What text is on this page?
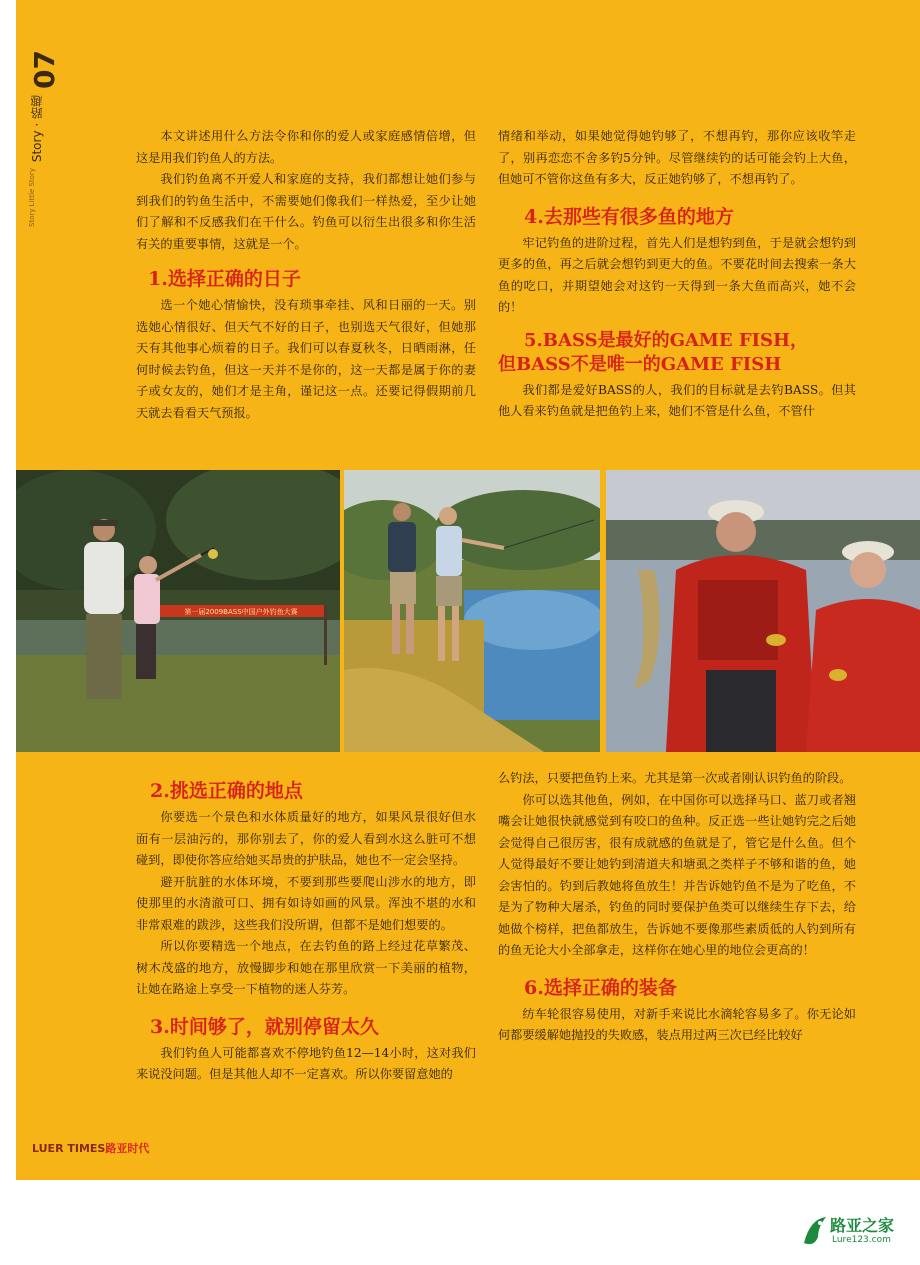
07
Story · 路趣
Story Little Story

本文讲述用什么方法令你和你的爱人或家庭感情倍增，但这是用我们钓鱼人的方法。

我们钓鱼离不开爱人和家庭的支持，我们都想让她们参与到我们的钓鱼生活中，不需要她们像我们一样热爱，至少让她们了解和不反感我们在干什么。钓鱼可以衍生出很多和你生活有关的重要事情，这就是一个。

1.选择正确的日子

选一个她心情愉快，没有琐事牵挂、风和日丽的一天。别选她心情很好、但天气不好的日子，也别选天气很好，但她那天有其他事心烦着的日子。我们可以春夏秋冬，日晒雨淋，任何时候去钓鱼，但这一天并不是你的，这一天都是属于你的妻子或女友的，她们才是主角，谨记这一点。还要记得假期前几天就去看看天气预报。

情绪和举动，如果她觉得她钓够了，不想再钓，那你应该收竿走了，别再恋恋不舍多钓5分钟。尽管继续钓的话可能会钓上大鱼，但她可不管你这鱼有多大，反正她钓够了，不想再钓了。

4.去那些有很多鱼的地方

牢记钓鱼的进阶过程，首先人们是想钓到鱼，于是就会想钓到更多的鱼，再之后就会想钓到更大的鱼。不要花时间去搜索一条大鱼的吃口，并期望她会对这钓一天得到一条大鱼而高兴，她不会的！

5.BASS是最好的GAME FISH，
但BASS不是唯一的GAME FISH

我们都是爱好BASS的人，我们的目标就是去钓BASS。但其他人看来钓鱼就是把鱼钓上来，她们不管是什么鱼，不管什

第一届2009BASS中国户外钓鱼大赛
2.挑选正确的地点

你要选一个景色和水体质量好的地方，如果风景很好但水面有一层油污的，那你别去了，你的爱人看到水这么脏可不想碰到，即使你答应给她买昂贵的护肤品，她也不一定会坚持。

避开肮脏的水体环境，不要到那些要爬山涉水的地方，即使那里的水清澈可口、拥有如诗如画的风景。浑浊不堪的水和非常艰难的跋涉，这些我们没所谓，但都不是她们想要的。

所以你要精选一个地点，在去钓鱼的路上经过花草繁茂、树木茂盛的地方，放慢脚步和她在那里欣赏一下美丽的植物，让她在路途上享受一下植物的迷人芬芳。

3.时间够了，就别停留太久

我们钓鱼人可能都喜欢不停地钓鱼12—14小时，这对我们来说没问题。但是其他人却不一定喜欢。所以你要留意她的

么钓法，只要把鱼钓上来。尤其是第一次或者刚认识钓鱼的阶段。

你可以选其他鱼，例如，在中国你可以选择马口、蓝刀或者翘嘴会让她很快就感觉到有咬口的鱼种。反正选一些让她钓完之后她会觉得自己很厉害，很有成就感的鱼就是了，管它是什么鱼。但个人觉得最好不要让她钓到清道夫和塘虱之类样子不够和谐的鱼，她会害怕的。钓到后教她将鱼放生！并告诉她钓鱼不是为了吃鱼，不是为了物种大屠杀，钓鱼的同时要保护鱼类可以继续生存下去，给她做个榜样，把鱼都放生，告诉她不要像那些素质低的人钓到所有的鱼无论大小全部拿走，这样你在她心里的地位会更高的！

6.选择正确的装备

纺车轮很容易使用，对新手来说比水滴轮容易多了。你无论如何都要缓解她抛投的失败感，装点用过两三次已经比较好

LUER TIMES路亚时代
路亚之家
Lure123.com
